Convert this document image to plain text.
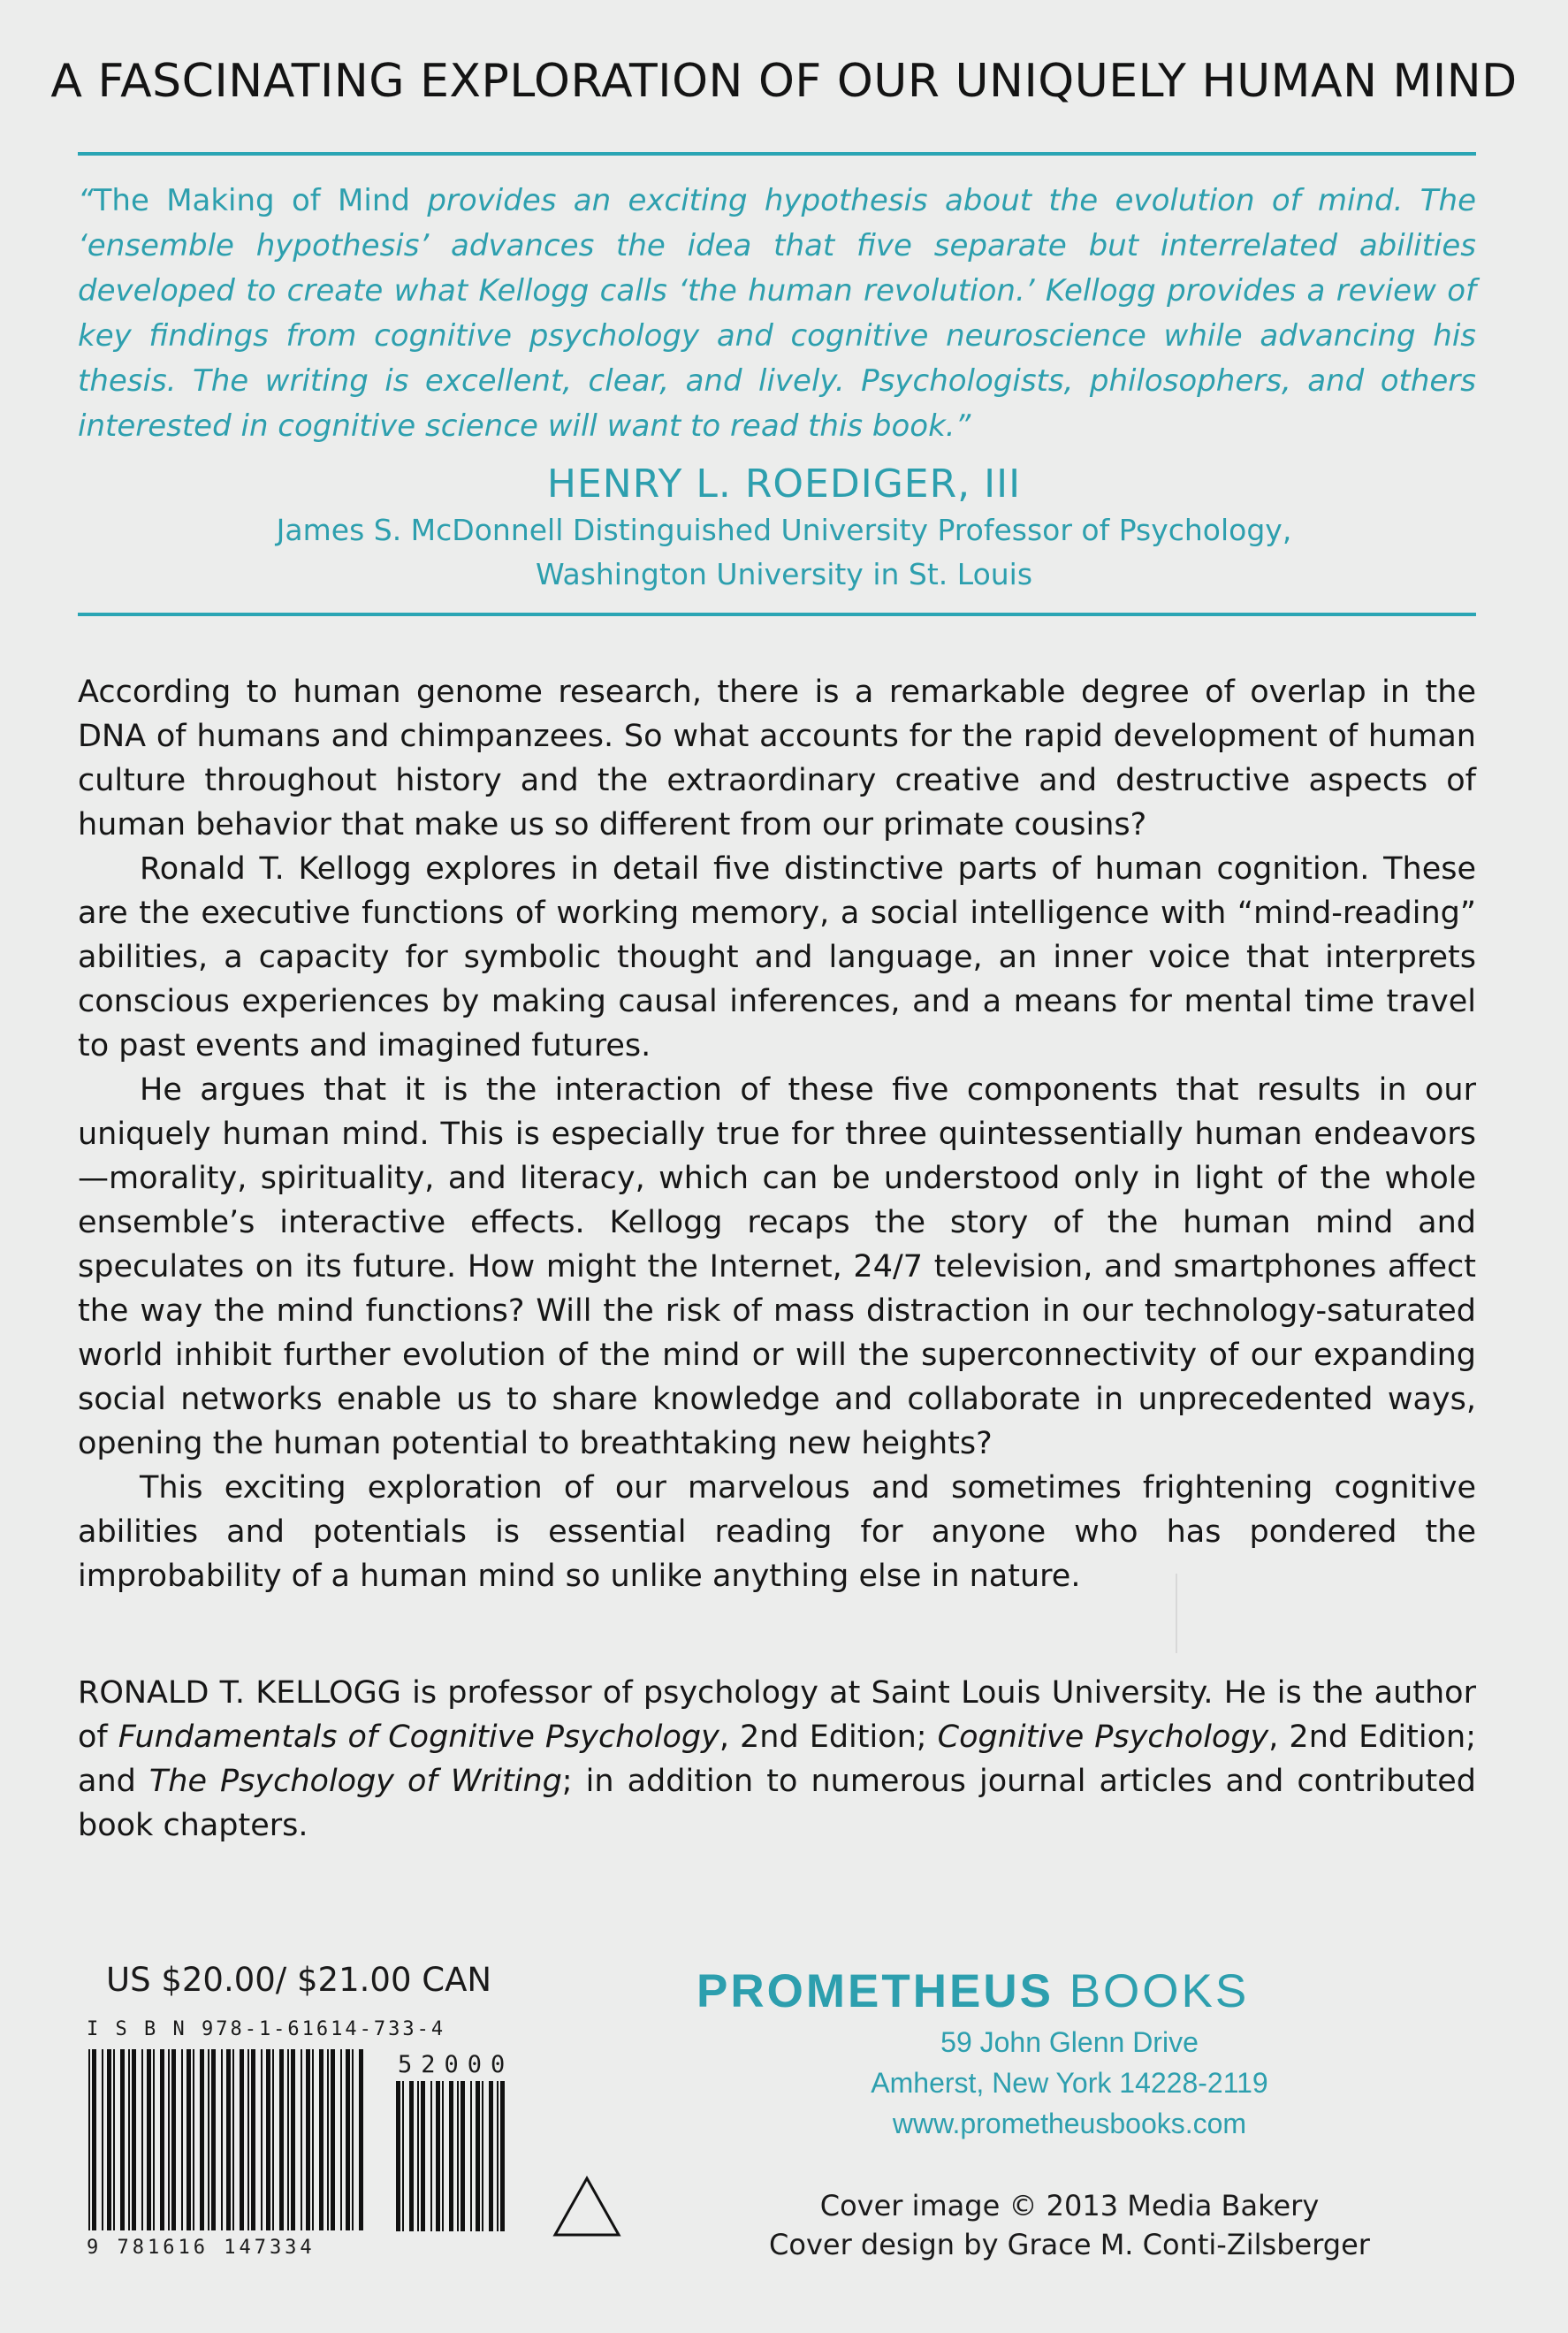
A FASCINATING EXPLORATION OF OUR UNIQUELY HUMAN MIND
“The Making of Mind provides an exciting hypothesis about the evolution of mind. The ‘ensemble hypothesis’ advances the idea that five separate but interrelated abilities developed to create what Kellogg calls ‘the human revolution.’ Kellogg provides a review of key findings from cognitive psychology and cognitive neuroscience while advancing his thesis. The writing is excellent, clear, and lively. Psychologists, philosophers, and others interested in cognitive science will want to read this book.”
HENRY L. ROEDIGER, III
James S. McDonnell Distinguished University Professor of Psychology,
Washington University in St. Louis

According to human genome research, there is a remarkable degree of overlap in the DNA of humans and chimpanzees. So what accounts for the rapid development of human culture throughout history and the extraordinary creative and destructive aspects of human behavior that make us so different from our primate cousins?

Ronald T. Kellogg explores in detail five distinctive parts of human cognition. These are the executive functions of working memory, a social intelligence with “mind-reading” abilities, a capacity for symbolic thought and language, an inner voice that interprets conscious experiences by making causal inferences, and a means for mental time travel to past events and imagined futures.

He argues that it is the interaction of these five components that results in our uniquely human mind. This is especially true for three quintessentially human endeavors—morality, spirituality, and literacy, which can be understood only in light of the whole ensemble’s interactive effects. Kellogg recaps the story of the human mind and speculates on its future. How might the Internet, 24/7 television, and smartphones affect the way the mind functions? Will the risk of mass distraction in our technology-saturated world inhibit further evolution of the mind or will the superconnectivity of our expanding social networks enable us to share knowledge and collaborate in unprecedented ways, opening the human potential to breathtaking new heights?

This exciting exploration of our marvelous and sometimes frightening cognitive abilities and potentials is essential reading for anyone who has pondered the improbability of a human mind so unlike anything else in nature.

RONALD T. KELLOGG is professor of psychology at Saint Louis University. He is the author of Fundamentals of Cognitive Psychology, 2nd Edition; Cognitive Psychology, 2nd Edition; and The Psychology of Writing; in addition to numerous journal articles and contributed book chapters.
US $20.00/ $21.00 CAN
I S B N 978-1-61614-733-4
52000
9 781616 147334
PROMETHEUS BOOKS
59 John Glenn Drive
Amherst, New York 14228-2119
www.prometheusbooks.com
Cover image © 2013 Media Bakery
Cover design by Grace M. Conti-Zilsberger
